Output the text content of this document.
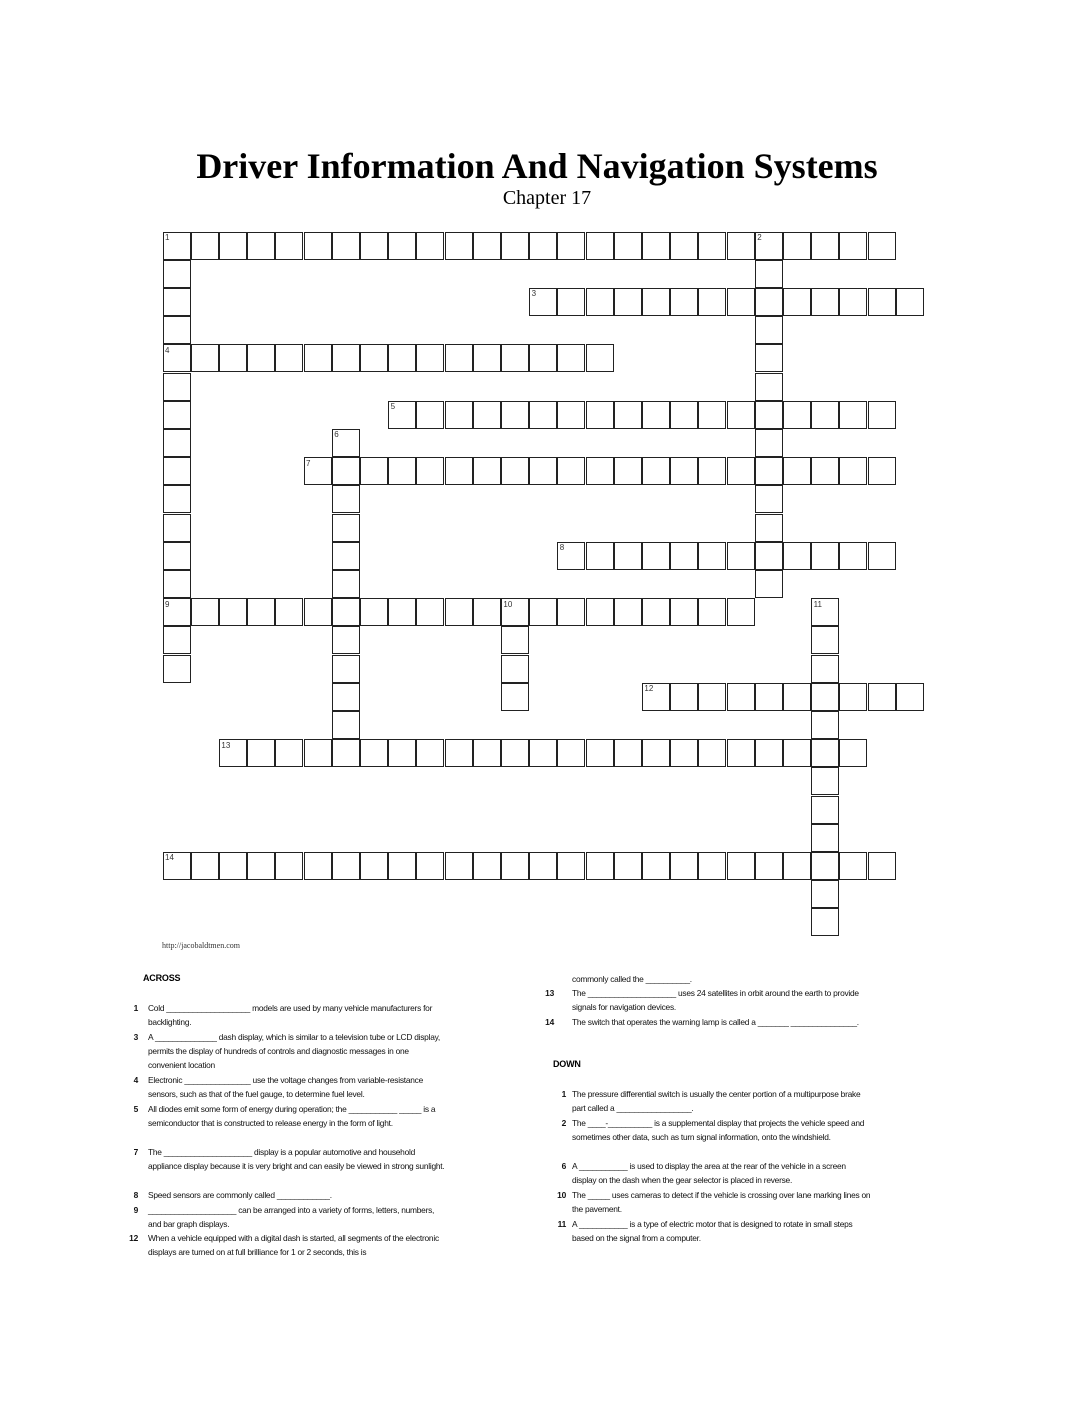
Driver Information And Navigation Systems
Chapter 17
1
3
4
5
7
8
9
12
13
14
2
6
10	11
http://jacobaldtmen.com
ACROSS
1 Cold ___________________ models are used by many vehicle manufacturers for backlighting.
3 A ______________ dash display, which is similar to a television tube or LCD display, permits the display of hundreds of controls and diagnostic messages in one convenient location
4 Electronic _______________ use the voltage changes from variable-resistance sensors, such as that of the fuel gauge, to determine fuel level.
5 All diodes emit some form of energy during operation; the ___________ _____ is a semiconductor that is constructed to release energy in the form of light.
7 The ____________________ display is a popular automotive and household appliance display because it is very bright and can easily be viewed in strong sunlight.
8 Speed sensors are commonly called ____________.
9 ____________________ can be arranged into a variety of forms, letters, numbers, and bar graph displays.
12 When a vehicle equipped with a digital dash is started, all segments of the electronic displays are turned on at full brilliance for 1 or 2 seconds, this is
commonly called the __________.
13 The ____________________ uses 24 satellites in orbit around the earth to provide signals for navigation devices.
14 The switch that operates the warning lamp is called a _______ _______________.
DOWN
1 The pressure differential switch is usually the center portion of a multipurpose brake part called a _________________.
2 The ____-__________ is a supplemental display that projects the vehicle speed and sometimes other data, such as turn signal information, onto the windshield.
6 A ___________ is used to display the area at the rear of the vehicle in a screen display on the dash when the gear selector is placed in reverse.
10 The _____ uses cameras to detect if the vehicle is crossing over lane marking lines on the pavement.
11 A ___________ is a type of electric motor that is designed to rotate in small steps based on the signal from a computer.
